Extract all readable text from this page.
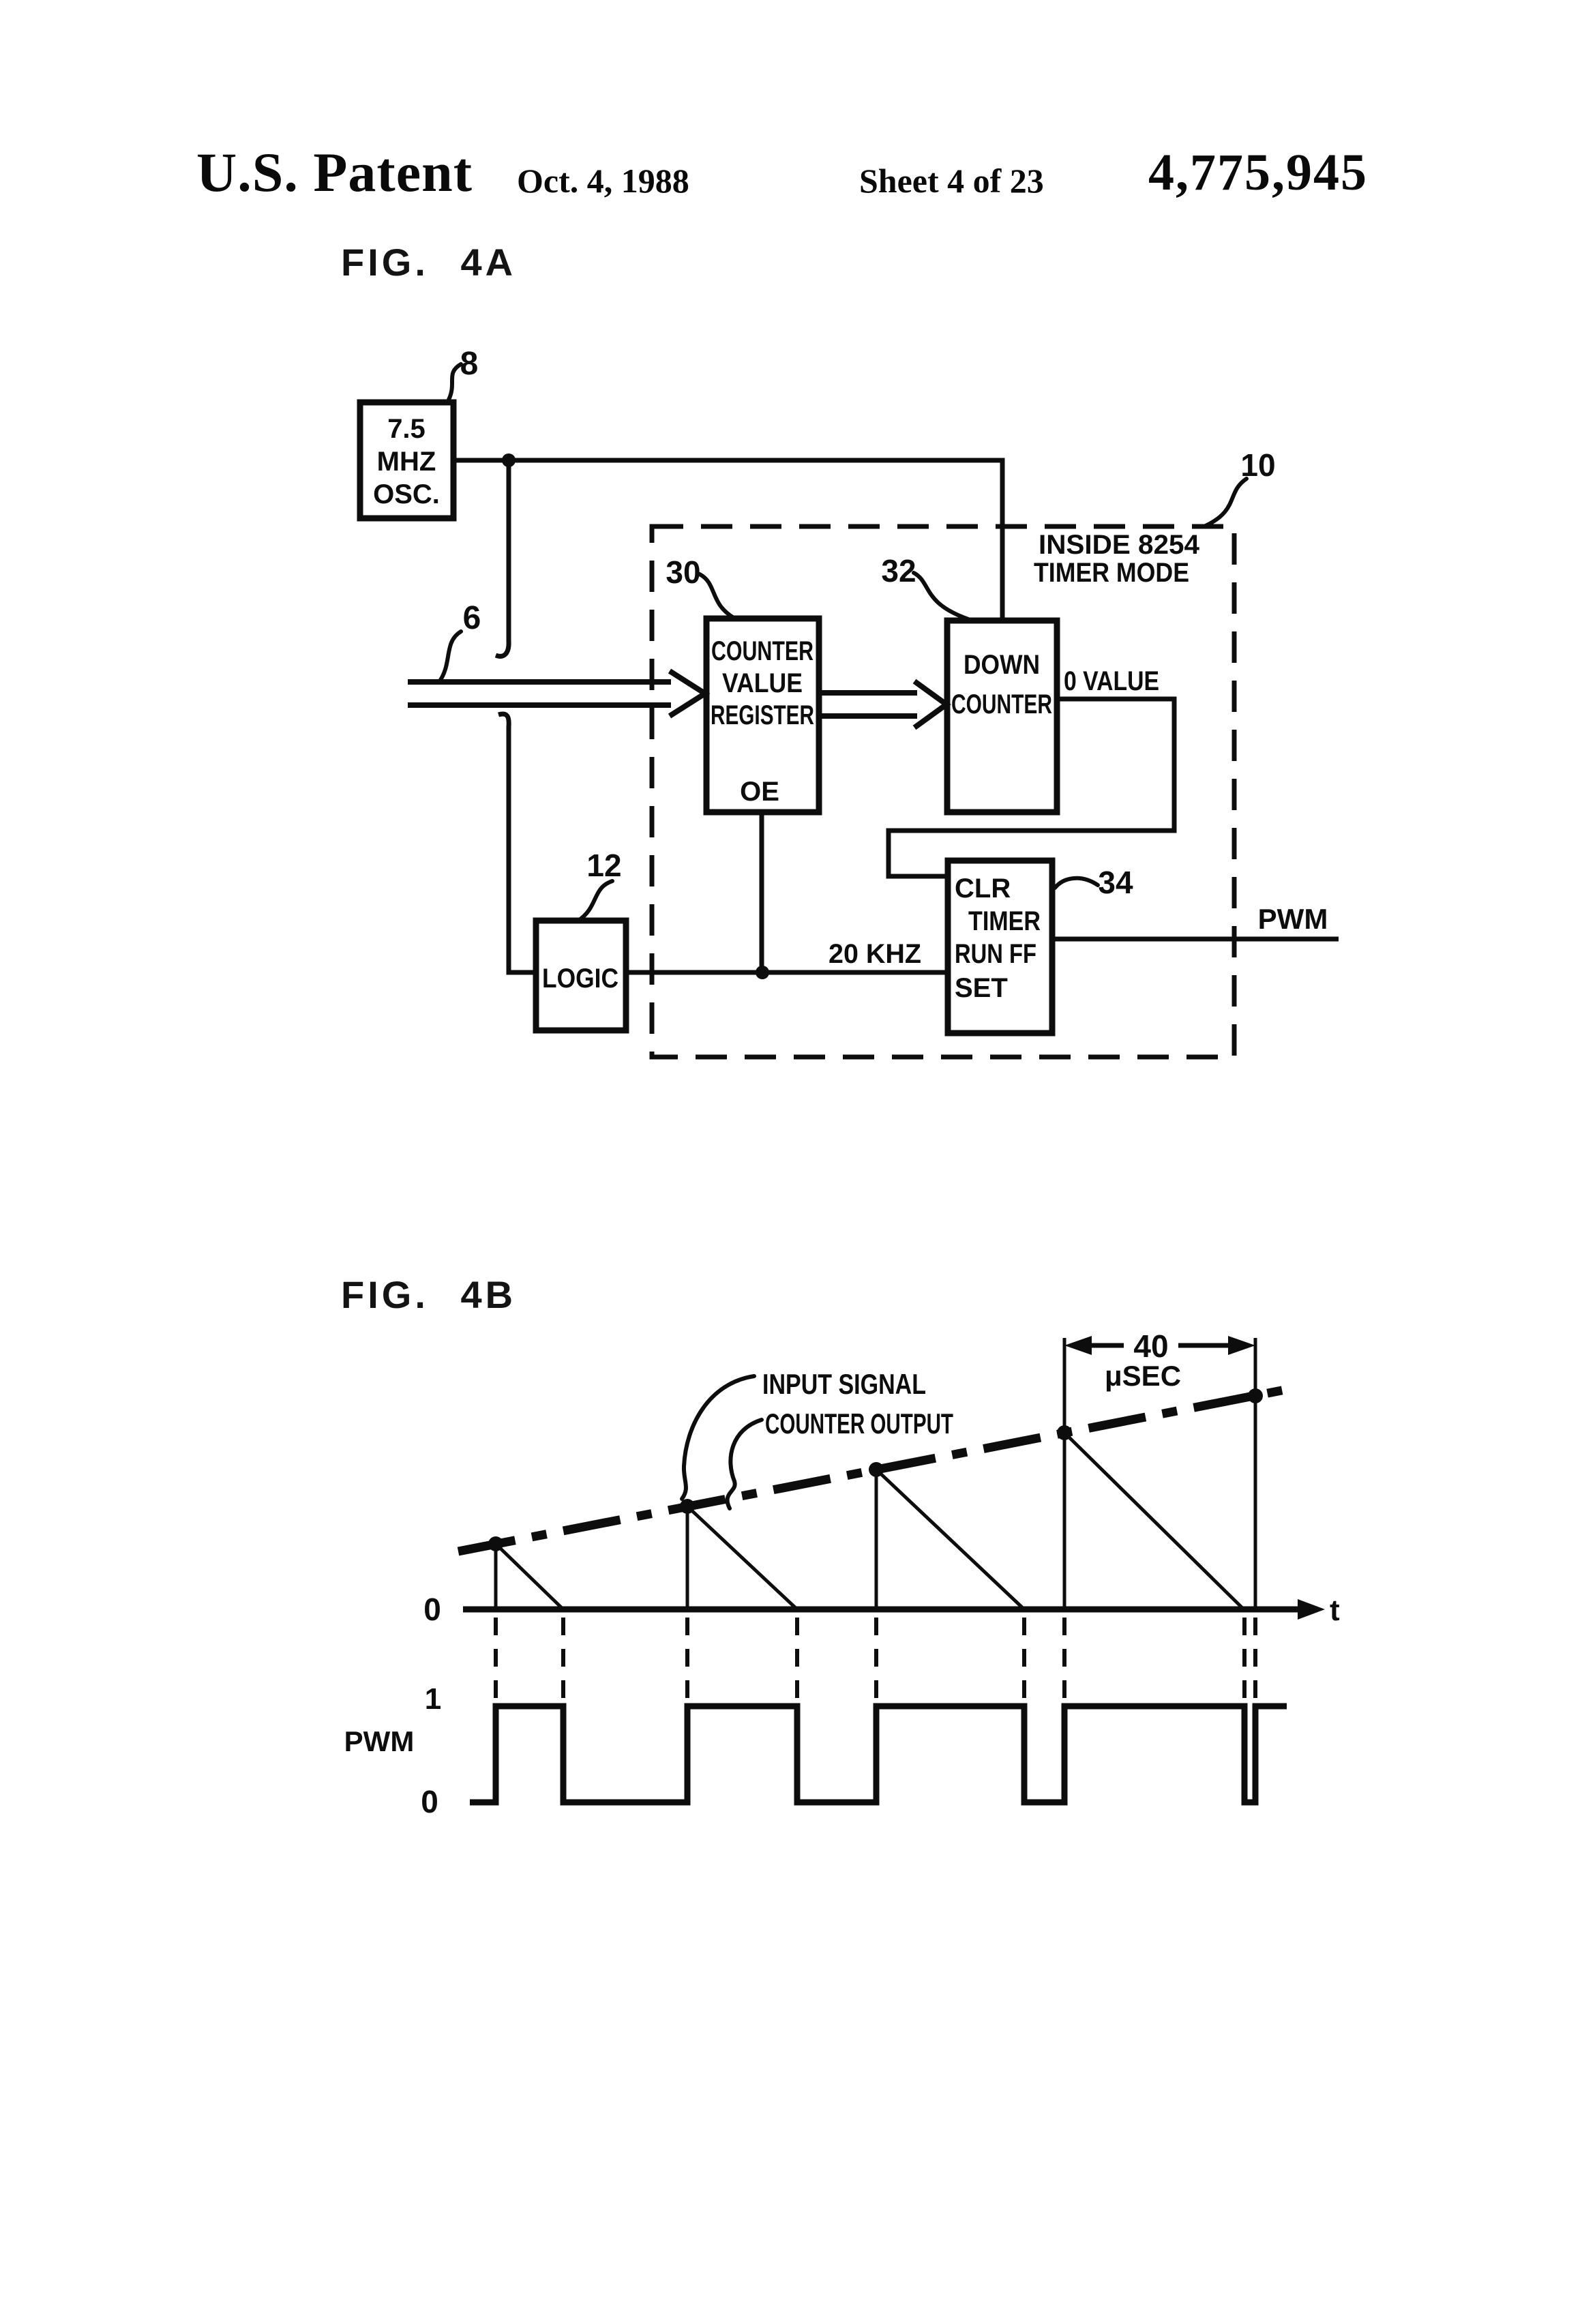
U.S. Patent Oct. 4, 1988	Sheet 4 of 23 4,775,945
FIG. 4A
FIG. 4B
INSIDE 8254
TIMER MODE
7.5
MHZ
OSC.
8
6
COUNTER
VALUE
REGISTER
OE
30
DOWN
COUNTER
32
0 VALUE
LOGIC
12
20 KHZ
CLR
TIMER
RUN FF
SET
34
PWM
10
t
0
40
μSEC
INPUT SIGNAL
COUNTER OUTPUT
1
PWM
0
